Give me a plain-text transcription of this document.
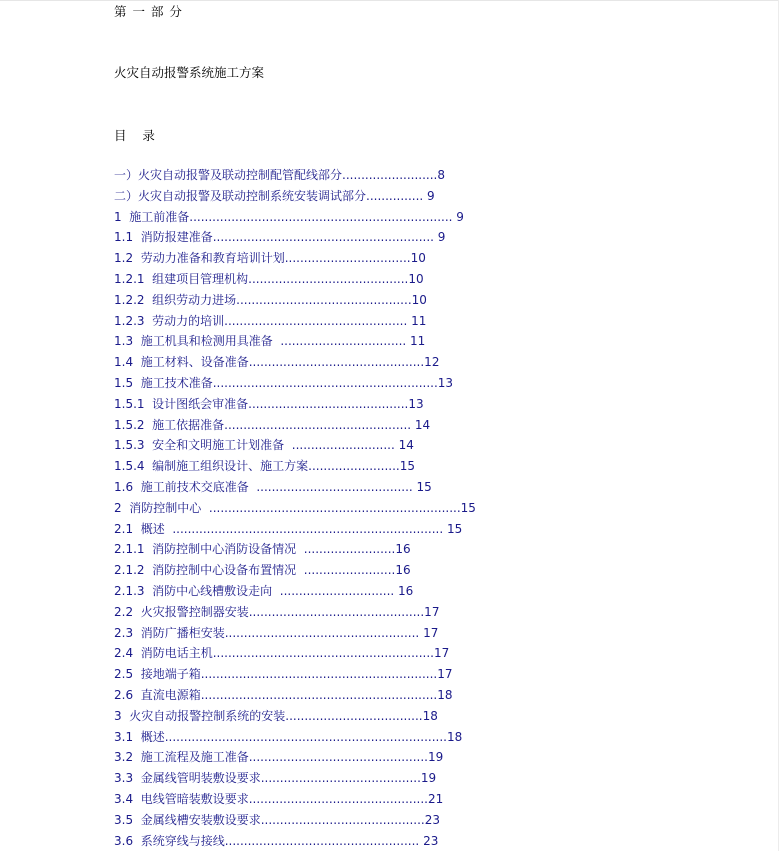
第 一 部 分
火灾自动报警系统施工方案
目    录
一）火灾自动报警及联动控制配管配线部分.........................8
二）火灾自动报警及联动控制系统安装调试部分............... 9
1  施工前准备..................................................................... 9
1.1  消防报建准备.......................................................... 9
1.2  劳动力准备和教育培训计划.................................10
1.2.1  组建项目管理机构..........................................10
1.2.2  组织劳动力进场..............................................10
1.2.3  劳动力的培训................................................ 11
1.3  施工机具和检测用具准备  ................................. 11
1.4  施工材料、设备准备..............................................12
1.5  施工技术准备...........................................................13
1.5.1  设计图纸会审准备..........................................13
1.5.2  施工依据准备................................................. 14
1.5.3  安全和文明施工计划准备  ........................... 14
1.5.4  编制施工组织设计、施工方案........................15
1.6  施工前技术交底准备  ......................................... 15
2  消防控制中心  ..................................................................15
2.1  概述  ....................................................................... 15
2.1.1  消防控制中心消防设备情况  ........................16
2.1.2  消防控制中心设备布置情况  ........................16
2.1.3  消防中心线槽敷设走向  .............................. 16
2.2  火灾报警控制器安装..............................................17
2.3  消防广播柜安装................................................... 17
2.4  消防电话主机..........................................................17
2.5  接地端子箱..............................................................17
2.6  直流电源箱..............................................................18
3  火灾自动报警控制系统的安装....................................18
3.1  概述..........................................................................18
3.2  施工流程及施工准备...............................................19
3.3  金属线管明装敷设要求..........................................19
3.4  电线管暗装敷设要求...............................................21
3.5  金属线槽安装敷设要求...........................................23
3.6  系统穿线与接线................................................... 23
